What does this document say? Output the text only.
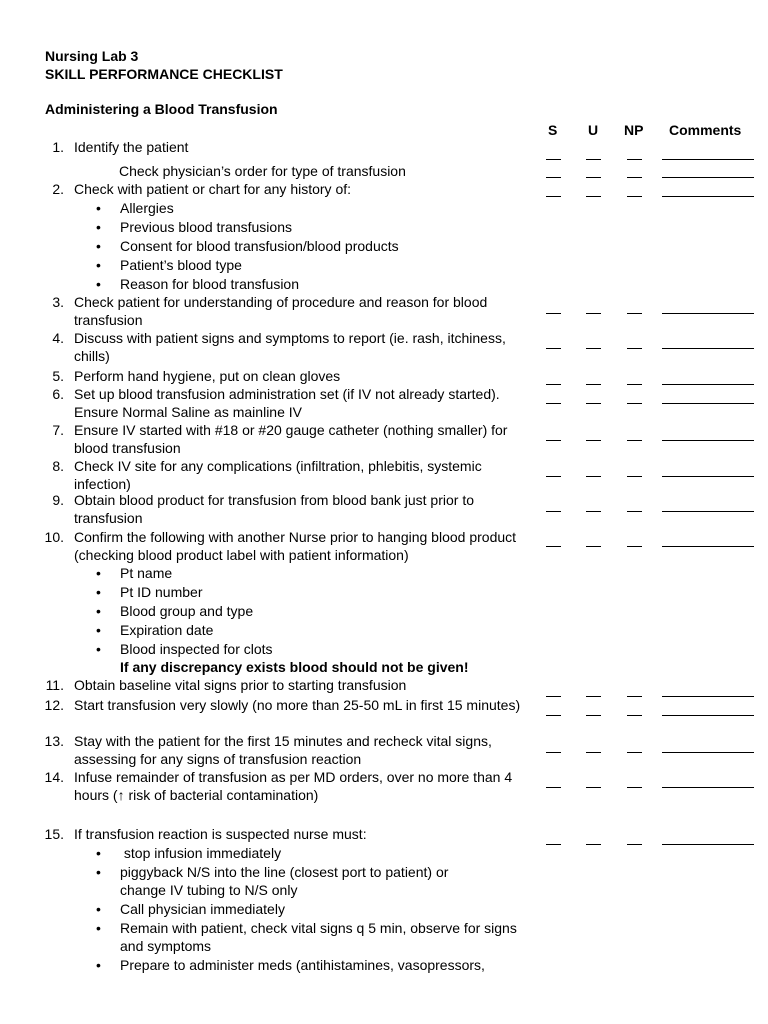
Nursing Lab 3
SKILL PERFORMANCE CHECKLIST
Administering a Blood Transfusion
S U NP Comments
1. Identify the patient
Check physician’s order for type of transfusion
2. Check with patient or chart for any history of:
• Allergies
• Previous blood transfusions
• Consent for blood transfusion/blood products
• Patient’s blood type
• Reason for blood transfusion
3. Check patient for understanding of procedure and reason for blood transfusion
4. Discuss with patient signs and symptoms to report (ie. rash, itchiness, chills)
5. Perform hand hygiene, put on clean gloves
6. Set up blood transfusion administration set (if IV not already started). Ensure Normal Saline as mainline IV
7. Ensure IV started with #18 or #20 gauge catheter (nothing smaller) for blood transfusion
8. Check IV site for any complications (infiltration, phlebitis, systemic infection)
9. Obtain blood product for transfusion from blood bank just prior to transfusion
10. Confirm the following with another Nurse prior to hanging blood product (checking blood product label with patient information)
• Pt name
• Pt ID number
• Blood group and type
• Expiration date
• Blood inspected for clots
If any discrepancy exists blood should not be given!
11. Obtain baseline vital signs prior to starting transfusion
12. Start transfusion very slowly (no more than 25-50 mL in first 15 minutes)
13. Stay with the patient for the first 15 minutes and recheck vital signs, assessing for any signs of transfusion reaction
14. Infuse remainder of transfusion as per MD orders, over no more than 4 hours (↑ risk of bacterial contamination)
15. If transfusion reaction is suspected nurse must:
• stop infusion immediately
• piggyback N/S into the line (closest port to patient) or change IV tubing to N/S only
• Call physician immediately
• Remain with patient, check vital signs q 5 min, observe for signs and symptoms
• Prepare to administer meds (antihistamines, vasopressors,
